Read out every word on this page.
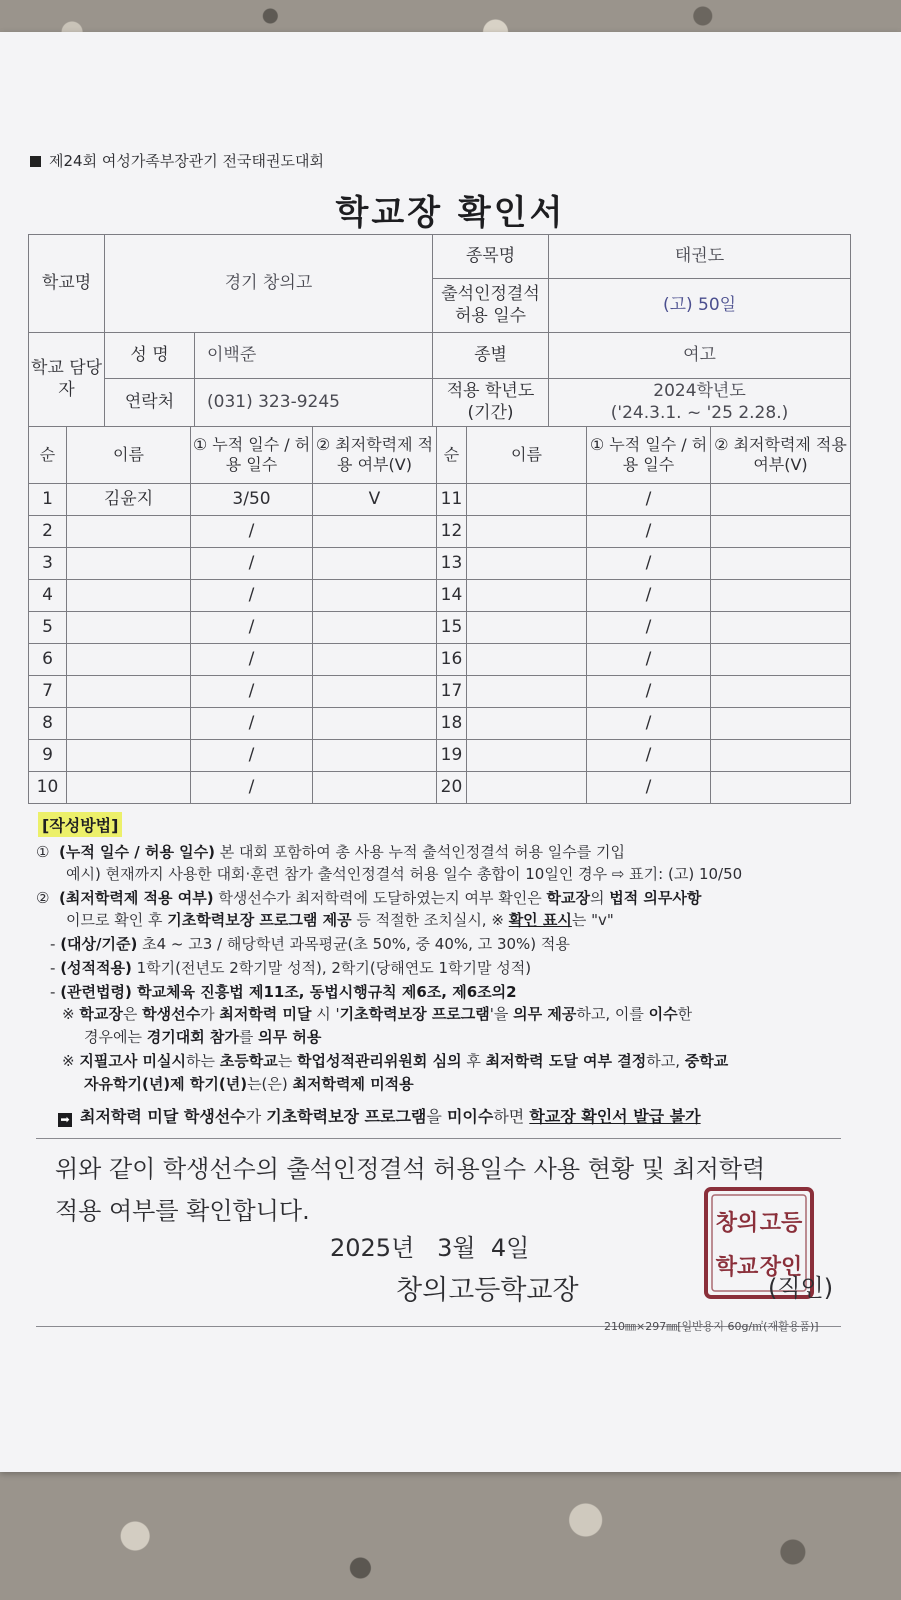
제24회 여성가족부장관기 전국태권도대회
학교장 확인서
학교명	경기 창의고		종목명	태권도
			출석인정결석 허용 일수	(고) 50일
학교 담당자	성 명	이백준	종별	여고
	연락처	(031) 323-9245	적용 학년도 (기간)	2024학년도
('24.3.1. ~ '25 2.28.)
순	이름	① 누적 일수 / 허용 일수	② 최저학력제 적용 여부(V)	순	이름	① 누적 일수 / 허용 일수	② 최저학력제 적용 여부(V)
1	김윤지	3/50	V	11		/	
2		/		12		/	
3		/		13		/	
4		/		14		/	
5		/		15		/	
6		/		16		/	
7		/		17		/	
8		/		18		/	
9		/		19		/	
10		/		20		/	
[작성방법]
① (누적 일수 / 허용 일수) 본 대회 포함하여 총 사용 누적 출석인정결석 허용 일수를 기입
예시) 현재까지 사용한 대회·훈련 참가 출석인정결석 허용 일수 총합이 10일인 경우 ⇨ 표기: (고) 10/50
② (최저학력제 적용 여부) 학생선수가 최저학력에 도달하였는지 여부 확인은 학교장의 법적 의무사항
이므로 확인 후 기초학력보장 프로그램 제공 등 적절한 조치실시, ※ 확인 표시는 "v"
- (대상/기준) 초4 ~ 고3 / 해당학년 과목평균(초 50%, 중 40%, 고 30%) 적용
- (성적적용) 1학기(전년도 2학기말 성적), 2학기(당해연도 1학기말 성적)
- (관련법령) 학교체육 진흥법 제11조, 동법시행규칙 제6조, 제6조의2
※ 학교장은 학생선수가 최저학력 미달 시 '기초학력보장 프로그램'을 의무 제공하고, 이를 이수한
경우에는 경기대회 참가를 의무 허용
※ 지필고사 미실시하는 초등학교는 학업성적관리위원회 심의 후 최저학력 도달 여부 결정하고, 중학교
자유학기(년)제 학기(년)는(은) 최저학력제 미적용
➡ 최저학력 미달 학생선수가 기초학력보장 프로그램을 미이수하면 학교장 확인서 발급 불가
위와 같이 학생선수의 출석인정결석 허용일수 사용 현황 및 최저학력
적용 여부를 확인합니다.
2025년   3월  4일
창의고등학교장
창의 고등
학교 장인
(직인)
210㎜×297㎜[일반용지 60g/㎡(재활용품)]
